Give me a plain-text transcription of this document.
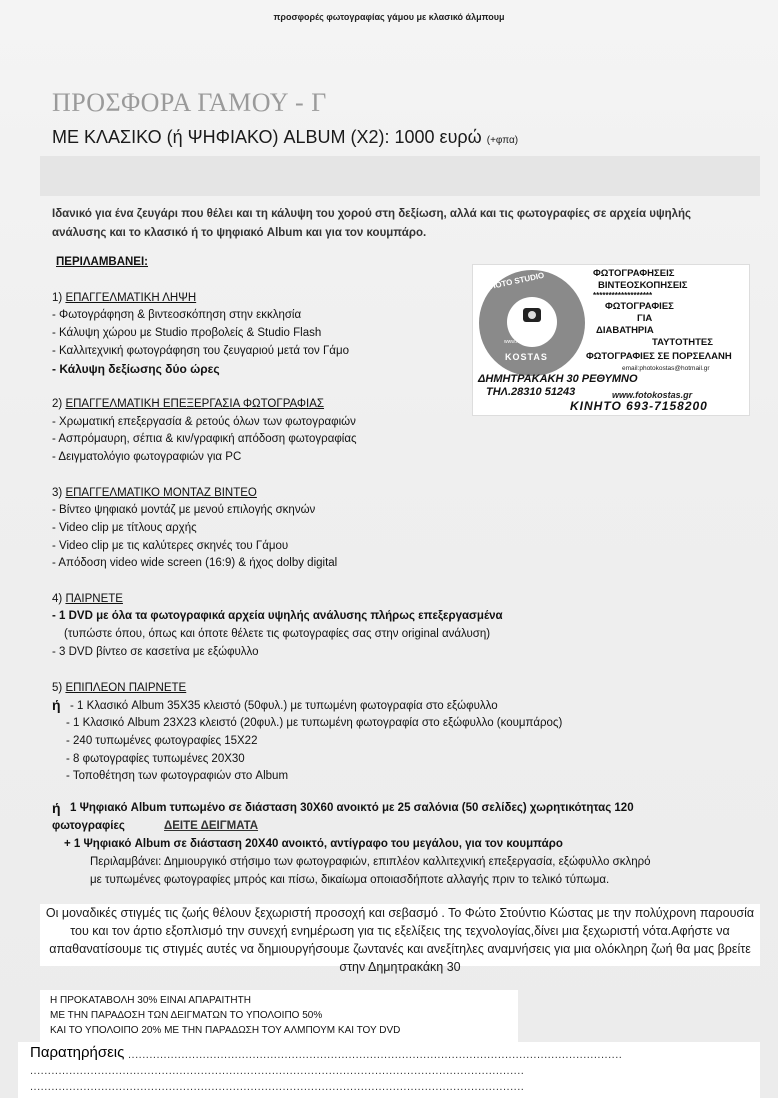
προσφορές φωτογραφίας γάμου με κλασικό άλμπουμ
ΠΡΟΣΦΟΡΑ ΓΑΜΟΥ - Γ
ΜΕ ΚΛΑΣΙΚΟ (ή ΨΗΦΙΑΚΟ) ALBUM (Χ2): 1000 ευρώ (+φπα)
Ιδανικό για ένα ζευγάρι που θέλει και τη κάλυψη του χορού στη δεξίωση, αλλά και τις φωτογραφίες σε αρχεία υψηλής ανάλυσης και το κλασικό ή το ψηφιακό Album και για τον κουμπάρο.
ΠΕΡΙΛΑΜΒΑΝΕΙ:
1) ΕΠΑΓΓΕΛΜΑΤΙΚΗ ΛΗΨΗ
- Φωτογράφηση & βιντεοσκόπηση στην εκκλησία
- Κάλυψη χώρου με Studio προβολείς & Studio Flash
- Καλλιτεχνική φωτογράφηση του ζευγαριού μετά τον Γάμο
- Κάλυψη δεξίωσης δύο ώρες
2) ΕΠΑΓΓΕΛΜΑΤΙΚΗ ΕΠΕΞΕΡΓΑΣΙΑ ΦΩΤΟΓΡΑΦΙΑΣ
- Χρωματική επεξεργασία & ρετούς όλων των φωτογραφιών
- Ασπρόμαυρη, σέπια & κιν/γραφική απόδοση φωτογραφίας
- Δειγματολόγιο φωτογραφιών για PC
3) ΕΠΑΓΓΕΛΜΑΤΙΚΟ ΜΟΝΤΑΖ ΒΙΝΤΕΟ
- Βίντεο ψηφιακό μοντάζ με μενού επιλογής σκηνών
- Video clip με τίτλους αρχής
- Video clip με τις καλύτερες σκηνές του Γάμου
- Απόδοση video wide screen (16:9) & ήχος dolby digital
4) ΠΑΙΡΝΕΤΕ
- 1 DVD με όλα τα φωτογραφικά αρχεία υψηλής ανάλυσης πλήρως επεξεργασμένα
(τυπώστε όπου, όπως και όποτε θέλετε τις φωτογραφίες σας στην original ανάλυση)
- 3 DVD βίντεο σε κασετίνα με εξώφυλλο
5) ΕΠΙΠΛΕΟΝ ΠΑΙΡΝΕΤΕ
ή - 1 Κλασικό Album 35Χ35 κλειστό (50φυλ.) με τυπωμένη φωτογραφία στο εξώφυλλο
- 1 Κλασικό Album 23Χ23 κλειστό (20φυλ.) με τυπωμένη φωτογραφία στο εξώφυλλο (κουμπάρος)
- 240 τυπωμένες φωτογραφίες 15Χ22
- 8 φωτογραφίες τυπωμένες 20Χ30
- Τοποθέτηση των φωτογραφιών στο Album
ή 1 Ψηφιακό Album τυπωμένο σε διάσταση 30Χ60 ανοικτό με 25 σαλόνια (50 σελίδες) χωρητικότητας 120
φωτογραφίες	ΔΕΙΤΕ ΔΕΙΓΜΑΤΑ
+ 1 Ψηφιακό Album σε διάσταση 20Χ40 ανοικτό, αντίγραφο του μεγάλου, για τον κουμπάρο
Περιλαμβάνει: Δημιουργικό στήσιμο των φωτογραφιών, επιπλέον καλλιτεχνική επεξεργασία, εξώφυλλο σκληρό
με τυπωμένες φωτογραφίες μπρός και πίσω, δικαίωμα οποιασδήποτε αλλαγής πριν το τελικό τύπωμα.
PHOTO STUDIO
www.fotokostas.gr
KOSTAS
ΦΩΤΟΓΡΑΦΗΣΕΙΣ
ΒΙΝΤΕΟΣΚΟΠΗΣΕΙΣ
*******************
ΦΩΤΟΓΡΑΦΙΕΣ
ΓΙΑ
ΔΙΑΒΑΤΗΡΙΑ
ΤΑΥΤΟΤΗΤΕΣ
ΦΩΤΟΓΡΑΦΙΕΣ ΣΕ ΠΟΡΣΕΛΑΝΗ
email:photokostas@hotmail.gr
ΔΗΜΗΤΡΑΚΑΚΗ 30 ΡΕΘΥΜΝΟ
ΤΗΛ.28310 51243	www.fotokostas.gr
ΚΙΝΗΤΟ 693-7158200
Οι μοναδικές στιγμές τις ζωής θέλουν ξεχωριστή προσοχή και σεβασμό . Το Φώτο Στούντιο Κώστας με την πολύχρονη παρουσία του και τον άρτιο εξοπλισμό την συνεχή ενημέρωση για τις εξελίξεις της τεχνολογίας,δίνει μια ξεχωριστή νότα.Αφήστε να απαθανατίσουμε τις στιγμές αυτές να δημιουργήσουμε ζωντανές και ανεξίτηλες αναμνήσεις για μια ολόκληρη ζωή θα μας βρείτε στην Δημητρακάκη 30
Η ΠΡΟΚΑΤΑΒΟΛΗ 30% ΕΙΝΑΙ ΑΠΑΡΑΙΤΗΤΗ
ΜΕ ΤΗΝ ΠΑΡΑΔΟΣΗ ΤΩΝ ΔΕΙΓΜΑΤΩΝ ΤΟ ΥΠΟΛΟΙΠΟ 50%
ΚΑΙ ΤΟ ΥΠΟΛΟΙΠΟ 20% ΜΕ ΤΗΝ ΠΑΡΑΔΩΣΗ ΤΟΥ ΑΛΜΠΟΥΜ ΚΑΙ ΤΟΥ DVD
Παρατηρήσεις ...........................................................................................................................................
...........................................................................................................................................
...........................................................................................................................................
